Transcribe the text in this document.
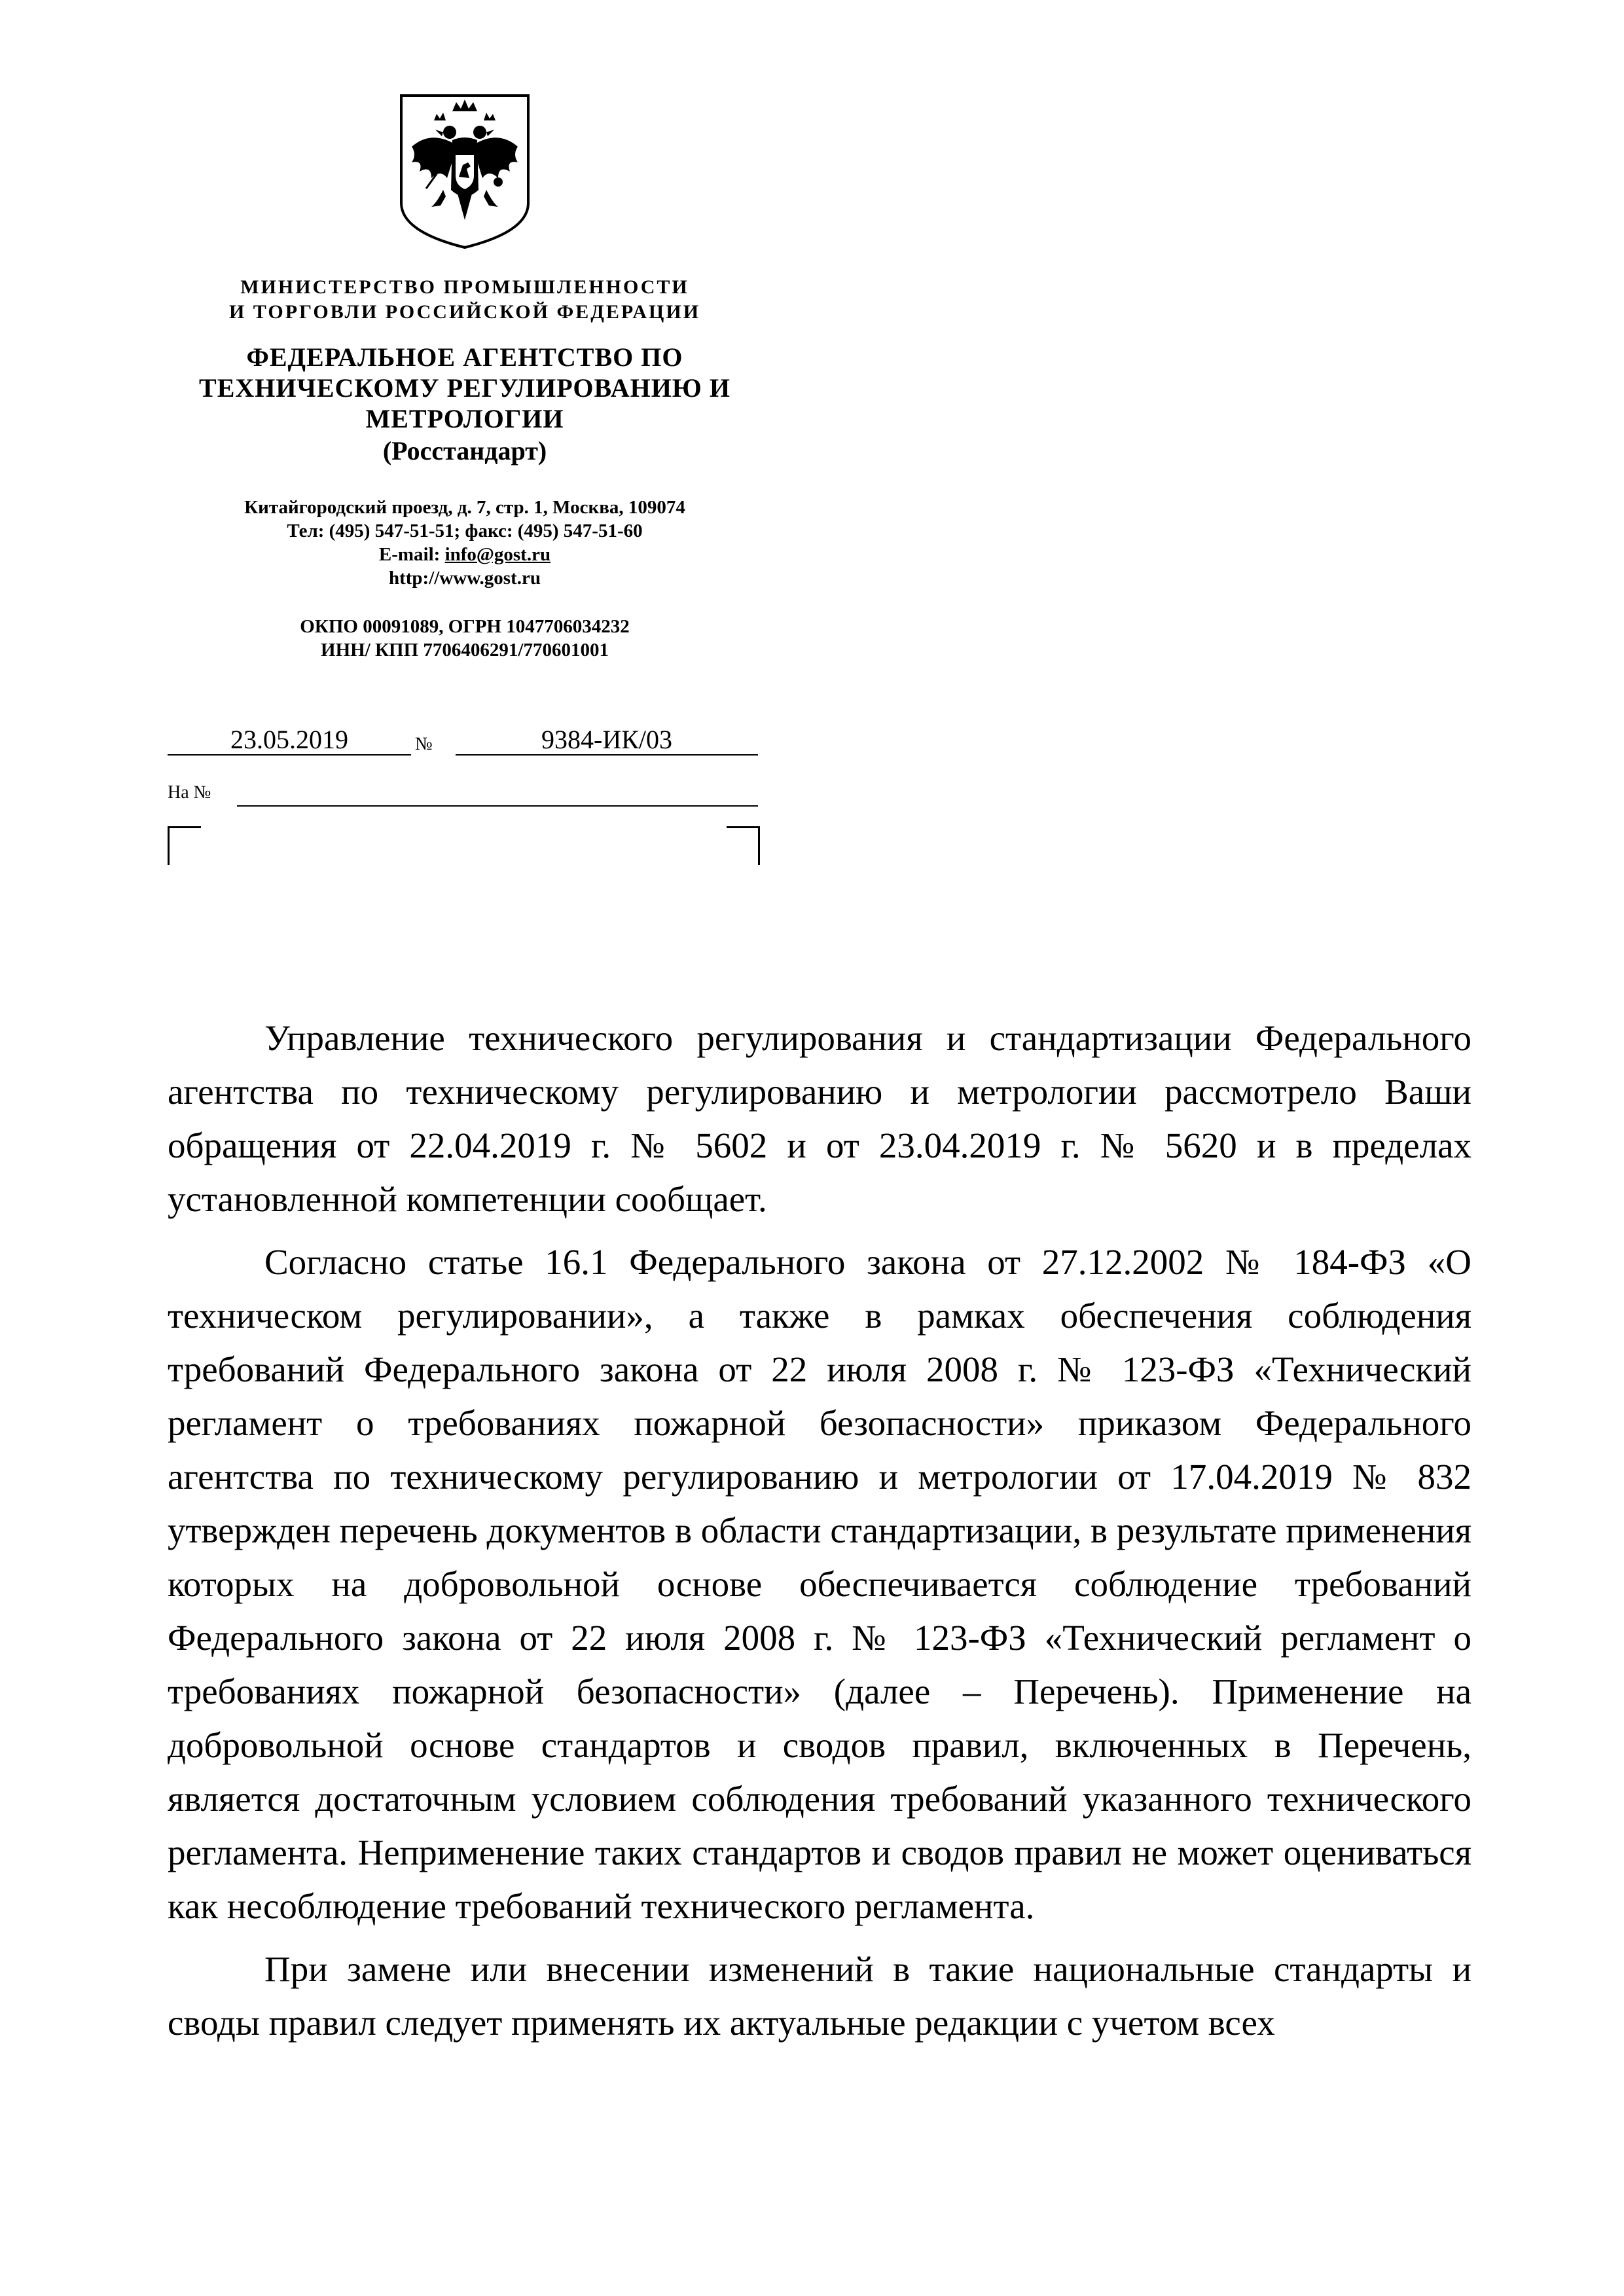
МИНИСТЕРСТВО ПРОМЫШЛЕННОСТИ
И ТОРГОВЛИ РОССИЙСКОЙ ФЕДЕРАЦИИ
ФЕДЕРАЛЬНОЕ АГЕНТСТВО ПО
ТЕХНИЧЕСКОМУ РЕГУЛИРОВАНИЮ И
МЕТРОЛОГИИ
(Росстандарт)
Китайгородский проезд, д. 7, стр. 1, Москва, 109074
Тел: (495) 547-51-51; факс: (495) 547-51-60
E-mail: info@gost.ru
http://www.gost.ru
ОКПО 00091089, ОГРН 1047706034232
ИНН/ КПП 7706406291/770601001
23.05.2019	№	9384-ИК/03
На №

Управление технического регулирования и стандартизации Федерального агентства по техническому регулированию и метрологии рассмотрело Ваши обращения от 22.04.2019 г. № 5602 и от 23.04.2019 г. № 5620 и в пределах установленной компетенции сообщает.

Согласно статье 16.1 Федерального закона от 27.12.2002 № 184-ФЗ «О техническом регулировании», а также в рамках обеспечения соблюдения требований Федерального закона от 22 июля 2008 г. № 123-ФЗ «Технический регламент о требованиях пожарной безопасности» приказом Федерального агентства по техническому регулированию и метрологии от 17.04.2019 № 832 утвержден перечень документов в области стандартизации, в результате применения которых на добровольной основе обеспечивается соблюдение требований Федерального закона от 22 июля 2008 г. № 123-ФЗ «Технический регламент о требованиях пожарной безопасности» (далее – Перечень). Применение на добровольной основе стандартов и сводов правил, включенных в Перечень, является достаточным условием соблюдения требований указанного технического регламента. Неприменение таких стандартов и сводов правил не может оцениваться как несоблюдение требований технического регламента.

При замене или внесении изменений в такие национальные стандарты и своды правил следует применять их актуальные редакции с учетом всех
